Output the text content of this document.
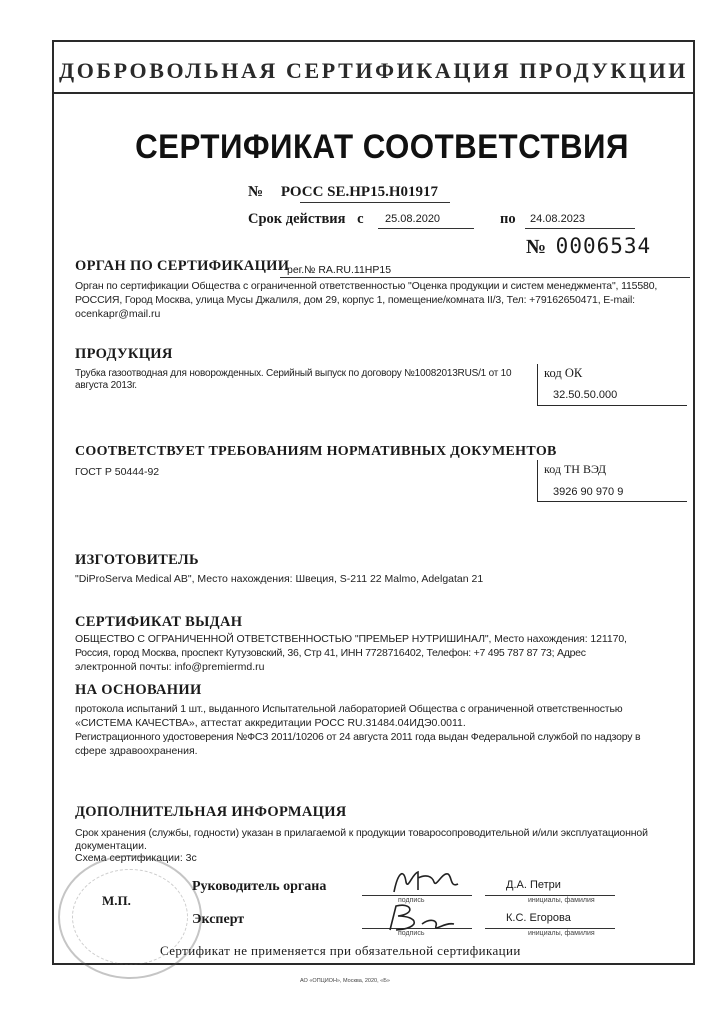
ДОБРОВОЛЬНАЯ СЕРТИФИКАЦИЯ ПРОДУКЦИИ
СЕРТИФИКАТ СООТВЕТСТВИЯ
№ РОСС SE.HP15.H01917
Срок действия с 25.08.2020	по 24.08.2023
№ 0006534
ОРГАН ПО СЕРТИФИКАЦИИ
рег.№ RA.RU.11HP15
Орган по сертификации Общества с ограниченной ответственностью "Оценка продукции и систем менеджмента", 115580,
РОССИЯ, Город Москва, улица Мусы Джалиля, дом 29, корпус 1, помещение/комната II/3, Тел: +79162650471, E-mail:
ocenkapr@mail.ru
ПРОДУКЦИЯ
Трубка газоотводная для новорожденных. Серийный выпуск по договору №10082013RUS/1 от 10 августа 2013г.
код ОК
32.50.50.000
СООТВЕТСТВУЕТ ТРЕБОВАНИЯМ НОРМАТИВНЫХ ДОКУМЕНТОВ
ГОСТ Р 50444-92	код ТН ВЭД
3926 90 970 9
ИЗГОТОВИТЕЛЬ
"DiProServa Medical AB", Место нахождения: Швеция, S-211 22 Malmo, Adelgatan 21
СЕРТИФИКАТ ВЫДАН
ОБЩЕСТВО С ОГРАНИЧЕННОЙ ОТВЕТСТВЕННОСТЬЮ "ПРЕМЬЕР НУТРИШИНАЛ", Место нахождения: 121170,
Россия, город Москва, проспект Кутузовский, 36, Стр 41, ИНН 7728716402, Телефон: +7 495 787 87 73; Адрес
электронной почты: info@premiermd.ru
НА ОСНОВАНИИ
протокола испытаний 1 шт., выданного Испытательной лабораторией Общества с ограниченной ответственностью
«СИСТЕМА КАЧЕСТВА», аттестат аккредитации РОСС RU.31484.04ИДЭ0.0011.
Регистрационного удостоверения №ФСЗ 2011/10206 от 24 августа 2011 года выдан Федеральной службой по надзору в
сфере здравоохранения.
ДОПОЛНИТЕЛЬНАЯ ИНФОРМАЦИЯ
Срок хранения (службы, годности) указан в прилагаемой к продукции товаросопроводительной и/или эксплуатационной
документации.
Схема сертификации: 3с
М.П.
Руководитель органа
подпись
Д.А. Петри
инициалы, фамилия
Эксперт
подпись
К.С. Егорова
инициалы, фамилия
Сертификат не применяется при обязательной сертификации
АО «ОПЦИОН», Москва, 2020, «Б»
